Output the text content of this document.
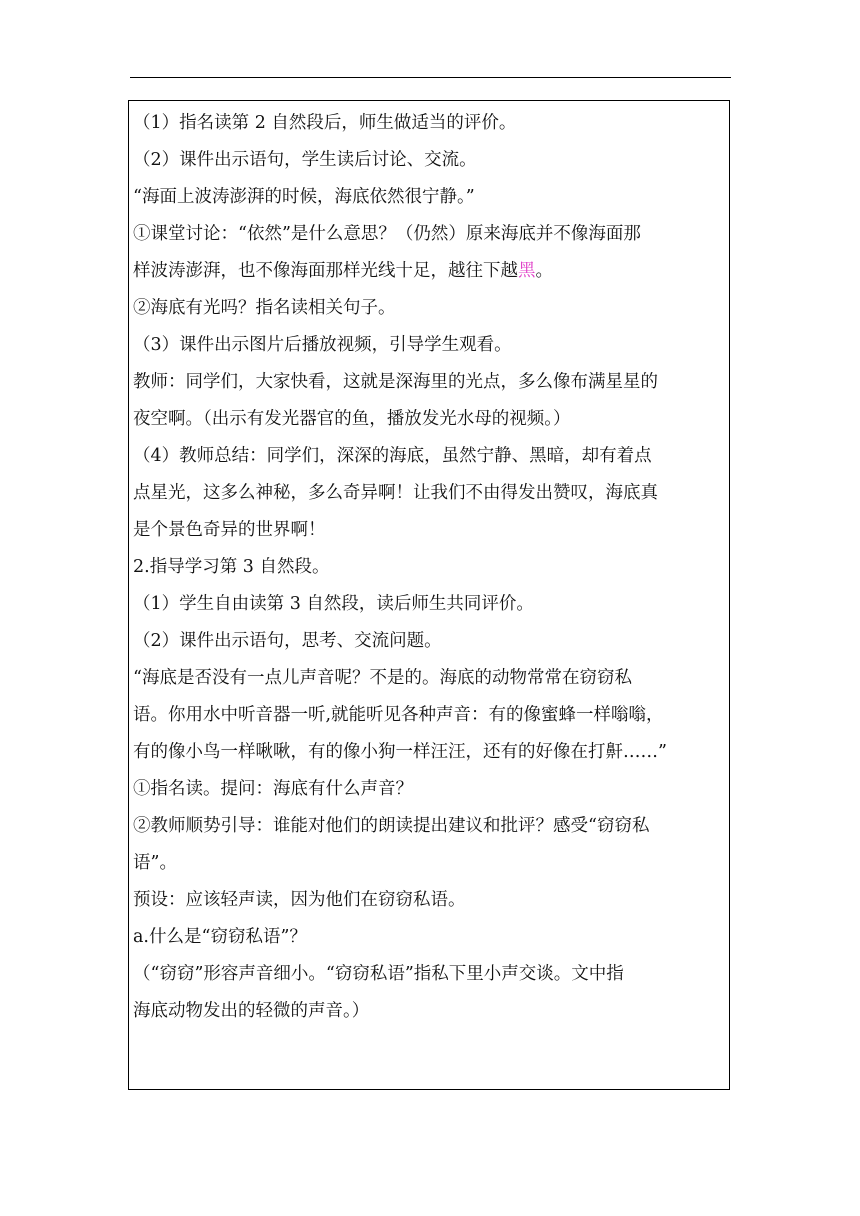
（1）指名读第 2 自然段后，师生做适当的评价。
（2）课件出示语句，学生读后讨论、交流。
“海面上波涛澎湃的时候，海底依然很宁静。”
①课堂讨论：“依然”是什么意思？（仍然）原来海底并不像海面那
样波涛澎湃，也不像海面那样光线十足，越往下越黑。
②海底有光吗？指名读相关句子。
（3）课件出示图片后播放视频，引导学生观看。
教师：同学们，大家快看，这就是深海里的光点，多么像布满星星的
夜空啊。（出示有发光器官的鱼，播放发光水母的视频。）
（4）教师总结：同学们，深深的海底，虽然宁静、黑暗，却有着点
点星光，这多么神秘，多么奇异啊！让我们不由得发出赞叹，海底真
是个景色奇异的世界啊！
2.指导学习第 3 自然段。
（1）学生自由读第 3 自然段，读后师生共同评价。
（2）课件出示语句，思考、交流问题。
“海底是否没有一点儿声音呢？不是的。海底的动物常常在窃窃私
语。你用水中听音器一听,就能听见各种声音：有的像蜜蜂一样嗡嗡，
有的像小鸟一样啾啾，有的像小狗一样汪汪，还有的好像在打鼾……”
①指名读。提问：海底有什么声音？
②教师顺势引导：谁能对他们的朗读提出建议和批评？感受“窃窃私
语”。
预设：应该轻声读，因为他们在窃窃私语。
a.什么是“窃窃私语”？
（“窃窃”形容声音细小。“窃窃私语”指私下里小声交谈。文中指
海底动物发出的轻微的声音。）
